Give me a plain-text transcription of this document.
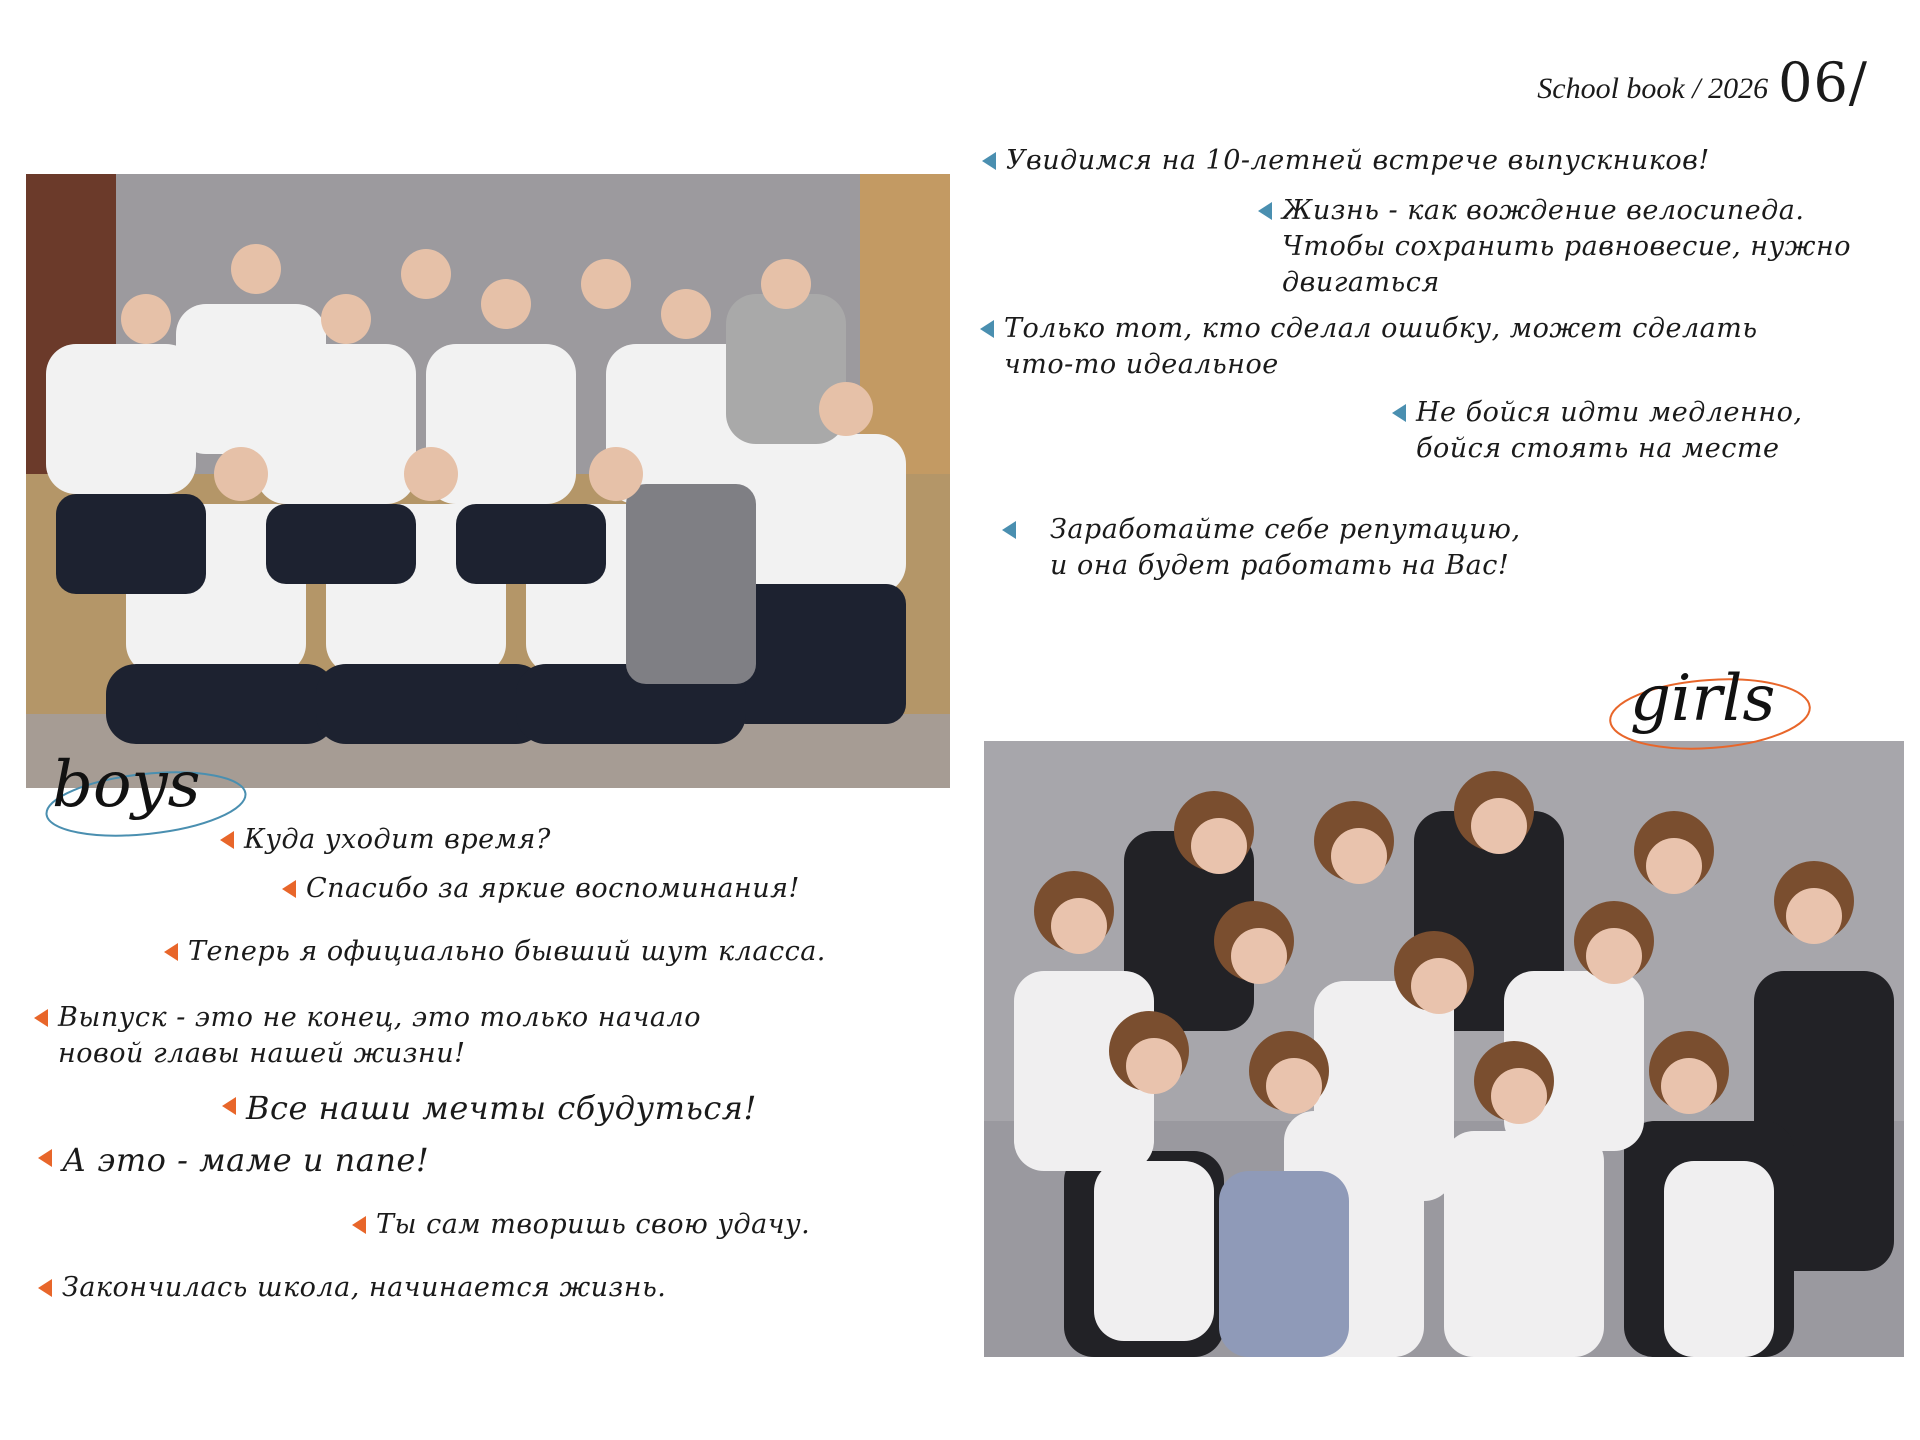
School book / 2026 06/
boys
girls
Увидимся на 10-летней встрече выпускников!
Жизнь - как вождение велосипеда.
Чтобы сохранить равновесие, нужно
двигаться
Только тот, кто сделал ошибку, может сделать
что-то идеальное
Не бойся идти медленно,
бойся стоять на месте
Заработайте себе репутацию,
и она будет работать на Вас!
Куда уходит время?
Спасибо за яркие воспоминания!
Теперь я официально бывший шут класса.
Выпуск - это не конец, это только начало
новой главы нашей жизни!
Все наши мечты сбудуться!
А это - маме и папе!
Ты сам творишь свою удачу.
Закончилась школа, начинается жизнь.
